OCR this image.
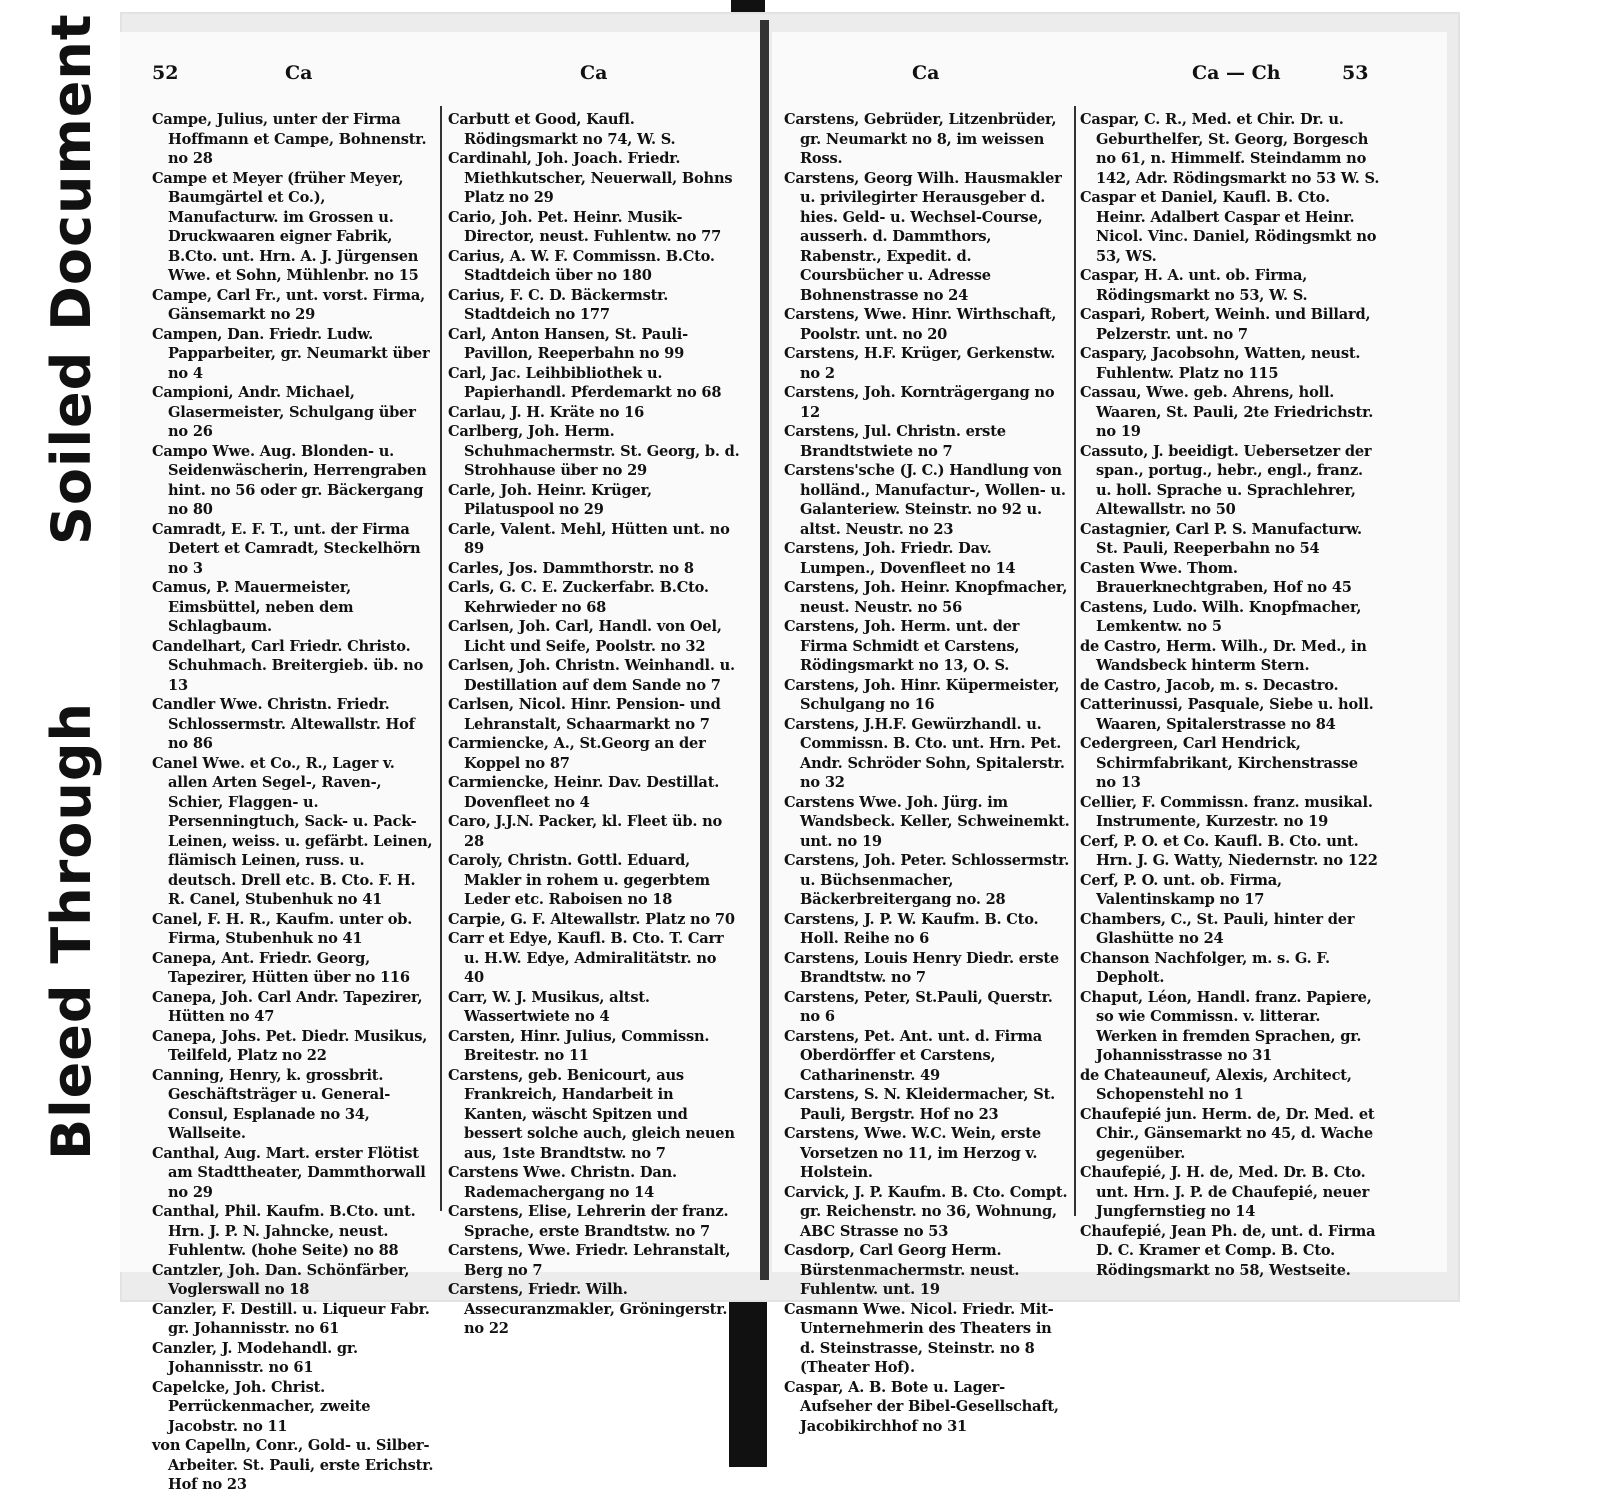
Soiled Document
Bleed Through
52	Ca	Ca
Campe, Julius, unter der Firma Hoffmann et Campe, Bohnenstr. no 28
Campe et Meyer (früher Meyer, Baumgärtel et Co.), Manufacturw. im Grossen u. Druckwaaren eigner Fabrik, B.Cto. unt. Hrn. A. J. Jürgensen Wwe. et Sohn, Mühlenbr. no 15
Campe, Carl Fr., unt. vorst. Firma, Gänsemarkt no 29
Campen, Dan. Friedr. Ludw. Papparbeiter, gr. Neumarkt über no 4
Campioni, Andr. Michael, Glasermeister, Schulgang über no 26
Campo Wwe. Aug. Blonden- u. Seidenwäscherin, Herrengraben hint. no 56 oder gr. Bäckergang no 80
Camradt, E. F. T., unt. der Firma Detert et Camradt, Steckelhörn no 3
Camus, P. Mauermeister, Eimsbüttel, neben dem Schlagbaum.
Candelhart, Carl Friedr. Christo. Schuhmach. Breitergieb. üb. no 13
Candler Wwe. Christn. Friedr. Schlossermstr. Altewallstr. Hof no 86
Canel Wwe. et Co., R., Lager v. allen Arten Segel-, Raven-, Schier, Flaggen- u. Persenningtuch, Sack- u. Pack-Leinen, weiss. u. gefärbt. Leinen, flämisch Leinen, russ. u. deutsch. Drell etc. B. Cto. F. H. R. Canel, Stubenhuk no 41
Canel, F. H. R., Kaufm. unter ob. Firma, Stubenhuk no 41
Canepa, Ant. Friedr. Georg, Tapezirer, Hütten über no 116
Canepa, Joh. Carl Andr. Tapezirer, Hütten no 47
Canepa, Johs. Pet. Diedr. Musikus, Teilfeld, Platz no 22
Canning, Henry, k. grossbrit. Geschäftsträger u. General-Consul, Esplanade no 34, Wallseite.
Canthal, Aug. Mart. erster Flötist am Stadttheater, Dammthorwall no 29
Canthal, Phil. Kaufm. B.Cto. unt. Hrn. J. P. N. Jahncke, neust. Fuhlentw. (hohe Seite) no 88
Cantzler, Joh. Dan. Schönfärber, Voglerswall no 18
Canzler, F. Destill. u. Liqueur Fabr. gr. Johannisstr. no 61
Canzler, J. Modehandl. gr. Johannisstr. no 61
Capelcke, Joh. Christ. Perrückenmacher, zweite Jacobstr. no 11
von Capelln, Conr., Gold- u. Silber-Arbeiter. St. Pauli, erste Erichstr. Hof no 23
Carbutt et Good, Kaufl. Rödingsmarkt no 74, W. S.
Cardinahl, Joh. Joach. Friedr. Miethkutscher, Neuerwall, Bohns Platz no 29
Cario, Joh. Pet. Heinr. Musik-Director, neust. Fuhlentw. no 77
Carius, A. W. F. Commissn. B.Cto. Stadtdeich über no 180
Carius, F. C. D. Bäckermstr. Stadtdeich no 177
Carl, Anton Hansen, St. Pauli-Pavillon, Reeperbahn no 99
Carl, Jac. Leihbibliothek u. Papierhandl. Pferdemarkt no 68
Carlau, J. H. Kräte no 16
Carlberg, Joh. Herm. Schuhmachermstr. St. Georg, b. d. Strohhause über no 29
Carle, Joh. Heinr. Krüger, Pilatuspool no 29
Carle, Valent. Mehl, Hütten unt. no 89
Carles, Jos. Dammthorstr. no 8
Carls, G. C. E. Zuckerfabr. B.Cto. Kehrwieder no 68
Carlsen, Joh. Carl, Handl. von Oel, Licht und Seife, Poolstr. no 32
Carlsen, Joh. Christn. Weinhandl. u. Destillation auf dem Sande no 7
Carlsen, Nicol. Hinr. Pension- und Lehranstalt, Schaarmarkt no 7
Carmiencke, A., St.Georg an der Koppel no 87
Carmiencke, Heinr. Dav. Destillat. Dovenfleet no 4
Caro, J.J.N. Packer, kl. Fleet üb. no 28
Caroly, Christn. Gottl. Eduard, Makler in rohem u. gegerbtem Leder etc. Raboisen no 18
Carpie, G. F. Altewallstr. Platz no 70
Carr et Edye, Kaufl. B. Cto. T. Carr u. H.W. Edye, Admiralitätstr. no 40
Carr, W. J. Musikus, altst. Wassertwiete no 4
Carsten, Hinr. Julius, Commissn. Breitestr. no 11
Carstens, geb. Benicourt, aus Frankreich, Handarbeit in Kanten, wäscht Spitzen und bessert solche auch, gleich neuen aus, 1ste Brandtstw. no 7
Carstens Wwe. Christn. Dan. Rademachergang no 14
Carstens, Elise, Lehrerin der franz. Sprache, erste Brandtstw. no 7
Carstens, Wwe. Friedr. Lehranstalt, Berg no 7
Carstens, Friedr. Wilh. Assecuranzmakler, Gröningerstr. no 22
Ca	Ca — Ch	53
Carstens, Gebrüder, Litzenbrüder, gr. Neumarkt no 8, im weissen Ross.
Carstens, Georg Wilh. Hausmakler u. privilegirter Herausgeber d. hies. Geld- u. Wechsel-Course, ausserh. d. Dammthors, Rabenstr., Expedit. d. Coursbücher u. Adresse Bohnenstrasse no 24
Carstens, Wwe. Hinr. Wirthschaft, Poolstr. unt. no 20
Carstens, H.F. Krüger, Gerkenstw. no 2
Carstens, Joh. Kornträgergang no 12
Carstens, Jul. Christn. erste Brandtstwiete no 7
Carstens'sche (J. C.) Handlung von holländ., Manufactur-, Wollen- u. Galanteriew. Steinstr. no 92 u. altst. Neustr. no 23
Carstens, Joh. Friedr. Dav. Lumpen., Dovenfleet no 14
Carstens, Joh. Heinr. Knopfmacher, neust. Neustr. no 56
Carstens, Joh. Herm. unt. der Firma Schmidt et Carstens, Rödingsmarkt no 13, O. S.
Carstens, Joh. Hinr. Küpermeister, Schulgang no 16
Carstens, J.H.F. Gewürzhandl. u. Commissn. B. Cto. unt. Hrn. Pet. Andr. Schröder Sohn, Spitalerstr. no 32
Carstens Wwe. Joh. Jürg. im Wandsbeck. Keller, Schweinemkt. unt. no 19
Carstens, Joh. Peter. Schlossermstr. u. Büchsenmacher, Bäckerbreitergang no. 28
Carstens, J. P. W. Kaufm. B. Cto. Holl. Reihe no 6
Carstens, Louis Henry Diedr. erste Brandtstw. no 7
Carstens, Peter, St.Pauli, Querstr. no 6
Carstens, Pet. Ant. unt. d. Firma Oberdörffer et Carstens, Catharinenstr. 49
Carstens, S. N. Kleidermacher, St. Pauli, Bergstr. Hof no 23
Carstens, Wwe. W.C. Wein, erste Vorsetzen no 11, im Herzog v. Holstein.
Carvick, J. P. Kaufm. B. Cto. Compt. gr. Reichenstr. no 36, Wohnung, ABC Strasse no 53
Casdorp, Carl Georg Herm. Bürstenmachermstr. neust. Fuhlentw. unt. 19
Casmann Wwe. Nicol. Friedr. Mit-Unternehmerin des Theaters in d. Steinstrasse, Steinstr. no 8 (Theater Hof).
Caspar, A. B. Bote u. Lager-Aufseher der Bibel-Gesellschaft, Jacobikirchhof no 31
Caspar, C. R., Med. et Chir. Dr. u. Geburthelfer, St. Georg, Borgesch no 61, n. Himmelf. Steindamm no 142, Adr. Rödingsmarkt no 53 W. S.
Caspar et Daniel, Kaufl. B. Cto. Heinr. Adalbert Caspar et Heinr. Nicol. Vinc. Daniel, Rödingsmkt no 53, WS.
Caspar, H. A. unt. ob. Firma, Rödingsmarkt no 53, W. S.
Caspari, Robert, Weinh. und Billard, Pelzerstr. unt. no 7
Caspary, Jacobsohn, Watten, neust. Fuhlentw. Platz no 115
Cassau, Wwe. geb. Ahrens, holl. Waaren, St. Pauli, 2te Friedrichstr. no 19
Cassuto, J. beeidigt. Uebersetzer der span., portug., hebr., engl., franz. u. holl. Sprache u. Sprachlehrer, Altewallstr. no 50
Castagnier, Carl P. S. Manufacturw. St. Pauli, Reeperbahn no 54
Casten Wwe. Thom. Brauerknechtgraben, Hof no 45
Castens, Ludo. Wilh. Knopfmacher, Lemkentw. no 5
de Castro, Herm. Wilh., Dr. Med., in Wandsbeck hinterm Stern.
de Castro, Jacob, m. s. Decastro.
Catterinussi, Pasquale, Siebe u. holl. Waaren, Spitalerstrasse no 84
Cedergreen, Carl Hendrick, Schirmfabrikant, Kirchenstrasse no 13
Cellier, F. Commissn. franz. musikal. Instrumente, Kurzestr. no 19
Cerf, P. O. et Co. Kaufl. B. Cto. unt. Hrn. J. G. Watty, Niedernstr. no 122
Cerf, P. O. unt. ob. Firma, Valentinskamp no 17
Chambers, C., St. Pauli, hinter der Glashütte no 24
Chanson Nachfolger, m. s. G. F. Depholt.
Chaput, Léon, Handl. franz. Papiere, so wie Commissn. v. litterar. Werken in fremden Sprachen, gr. Johannisstrasse no 31
de Chateauneuf, Alexis, Architect, Schopenstehl no 1
Chaufepié jun. Herm. de, Dr. Med. et Chir., Gänsemarkt no 45, d. Wache gegenüber.
Chaufepié, J. H. de, Med. Dr. B. Cto. unt. Hrn. J. P. de Chaufepié, neuer Jungfernstieg no 14
Chaufepié, Jean Ph. de, unt. d. Firma D. C. Kramer et Comp. B. Cto. Rödingsmarkt no 58, Westseite.
